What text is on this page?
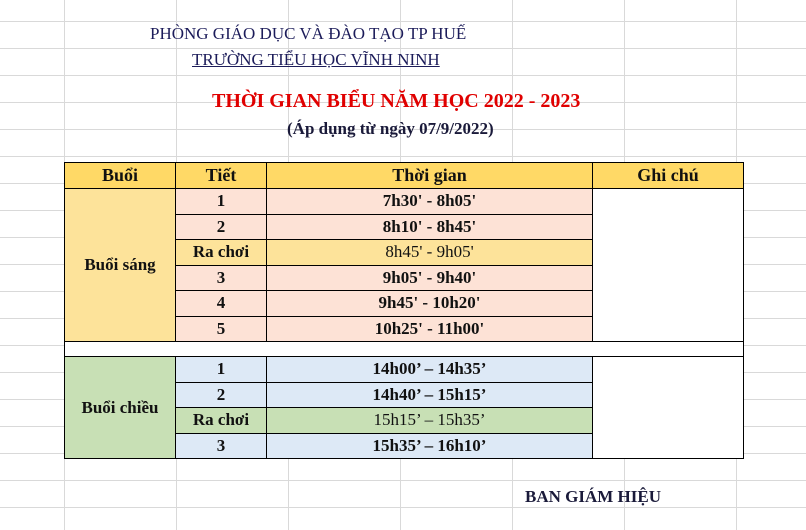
PHÒNG GIÁO DỤC VÀ ĐÀO TẠO TP HUẾ
TRƯỜNG TIỂU HỌC VĨNH NINH
THỜI GIAN BIỂU NĂM HỌC 2022 - 2023
(Áp dụng từ ngày 07/9/2022)
Buổi	Tiết	Thời gian	Ghi chú
Buổi sáng	1	7h30' - 8h05'	
	2	8h10' - 8h45'	
	Ra chơi	8h45' - 9h05'	
	3	9h05' - 9h40'	
	4	9h45' - 10h20'	
	5	10h25' - 11h00'	

Buổi chiều	1	14h00’ – 14h35’	
	2	14h40’ – 15h15’	
	Ra chơi	15h15’ – 15h35’	
	3	15h35’ – 16h10’	
BAN GIÁM HIỆU
